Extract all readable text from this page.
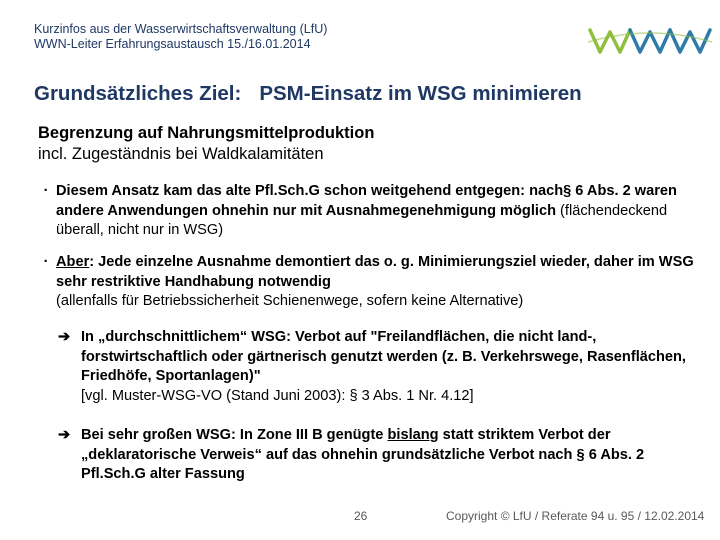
Kurzinfos aus der Wasserwirtschaftsverwaltung (LfU)
WWN-Leiter Erfahrungsaustausch 15./16.01.2014
Grundsätzliches Ziel: PSM-Einsatz im WSG minimieren
Begrenzung auf Nahrungsmittelproduktion
incl. Zugeständnis bei Waldkalamitäten
· Diesem Ansatz kam das alte Pfl.Sch.G schon weitgehend entgegen: nach§ 6 Abs. 2 waren andere Anwendungen ohnehin nur mit Ausnahmegenehmigung möglich (flächendeckend überall, nicht nur in WSG)
· Aber: Jede einzelne Ausnahme demontiert das o. g. Minimierungsziel wieder, daher im WSG sehr restriktive Handhabung notwendig
(allenfalls für Betriebssicherheit Schienenwege, sofern keine Alternative)
➔ In „durchschnittlichem“ WSG: Verbot auf "Freilandflächen, die nicht land-, forstwirtschaftlich oder gärtnerisch genutzt werden (z. B. Verkehrswege, Rasenflächen, Friedhöfe, Sportanlagen)"
[vgl. Muster-WSG-VO (Stand Juni 2003): § 3 Abs. 1 Nr. 4.12]
➔ Bei sehr großen WSG: In Zone III B genügte bislang statt striktem Verbot der „deklaratorische Verweis“ auf das ohnehin grundsätzliche Verbot nach § 6 Abs. 2 Pfl.Sch.G alter Fassung
26	Copyright © LfU / Referate 94 u. 95 / 12.02.2014
